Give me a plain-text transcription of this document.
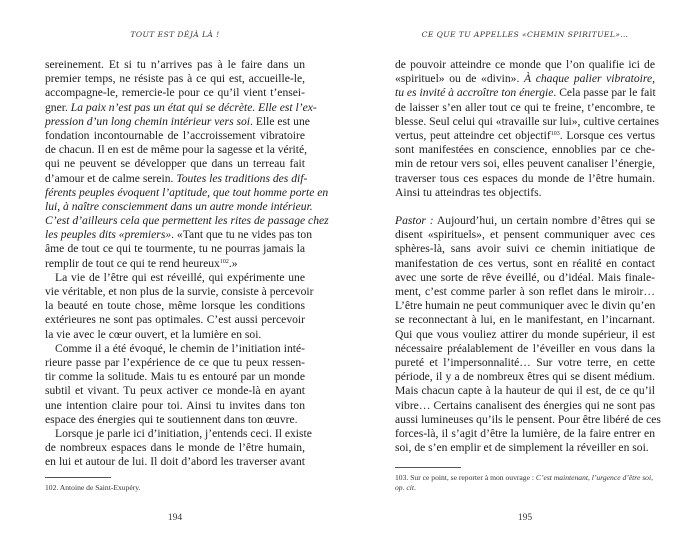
TOUT EST DÉJÀ LÀ !
sereinement. Et si tu n’arrives pas à le faire dans un
premier temps, ne résiste pas à ce qui est, accueille-le,
accompagne-le, remercie-le pour ce qu’il vient t’ensei-
gner. La paix n’est pas un état qui se décrète. Elle est l’ex-
pression d’un long chemin intérieur vers soi. Elle est une
fondation incontournable de l’accroissement vibratoire
de chacun. Il en est de même pour la sagesse et la vérité,
qui ne peuvent se développer que dans un terreau fait
d’amour et de calme serein. Toutes les traditions des dif-
férents peuples évoquent l’aptitude, que tout homme porte en
lui, à naître consciemment dans un autre monde intérieur.
C’est d’ailleurs cela que permettent les rites de passage chez
les peuples dits «premiers». «Tant que tu ne vides pas ton
âme de tout ce qui te tourmente, tu ne pourras jamais la
remplir de tout ce qui te rend heureux$^{102}$.»
La vie de l’être qui est réveillé, qui expérimente une
vie véritable, et non plus de la survie, consiste à percevoir
la beauté en toute chose, même lorsque les conditions
extérieures ne sont pas optimales. C’est aussi percevoir
la vie avec le cœur ouvert, et la lumière en soi.
Comme il a été évoqué, le chemin de l’initiation inté-
rieure passe par l’expérience de ce que tu peux ressen-
tir comme la solitude. Mais tu es entouré par un monde
subtil et vivant. Tu peux activer ce monde-là en ayant
une intention claire pour toi. Ainsi tu invites dans ton
espace des énergies qui te soutiennent dans ton œuvre.
Lorsque je parle ici d’initiation, j’entends ceci. Il existe
de nombreux espaces dans le monde de l’être humain,
en lui et autour de lui. Il doit d’abord les traverser avant
102. Antoine de Saint-Exupéry.
194
CE QUE TU APPELLES «CHEMIN SPIRITUEL»…
de pouvoir atteindre ce monde que l’on qualifie ici de
«spirituel» ou de «divin». À chaque palier vibratoire,
tu es invité à accroître ton énergie. Cela passe par le fait
de laisser s’en aller tout ce qui te freine, t’encombre, te
blesse. Seul celui qui «travaille sur lui», cultive certaines
vertus, peut atteindre cet objectif$^{103}$. Lorsque ces vertus
sont manifestées en conscience, ennoblies par ce che-
min de retour vers soi, elles peuvent canaliser l’énergie,
traverser tous ces espaces du monde de l’être humain.
Ainsi tu atteindras tes objectifs.
Pastor : Aujourd’hui, un certain nombre d’êtres qui se
disent «spirituels», et pensent communiquer avec ces
sphères-là, sans avoir suivi ce chemin initiatique de
manifestation de ces vertus, sont en réalité en contact
avec une sorte de rêve éveillé, ou d’idéal. Mais finale-
ment, c’est comme parler à son reflet dans le miroir…
L’être humain ne peut communiquer avec le divin qu’en
se reconnectant à lui, en le manifestant, en l’incarnant.
Qui que vous vouliez attirer du monde supérieur, il est
nécessaire préalablement de l’éveiller en vous dans la
pureté et l’impersonnalité… Sur votre terre, en cette
période, il y a de nombreux êtres qui se disent médium.
Mais chacun capte à la hauteur de qui il est, de ce qu’il
vibre… Certains canalisent des énergies qui ne sont pas
aussi lumineuses qu’ils le pensent. Pour être libéré de ces
forces-là, il s’agit d’être la lumière, de la faire entrer en
soi, de s’en emplir et de simplement la réveiller en soi.
103. Sur ce point, se reporter à mon ouvrage : C’est maintenant, l’urgence d’être soi, op. cit.
195
